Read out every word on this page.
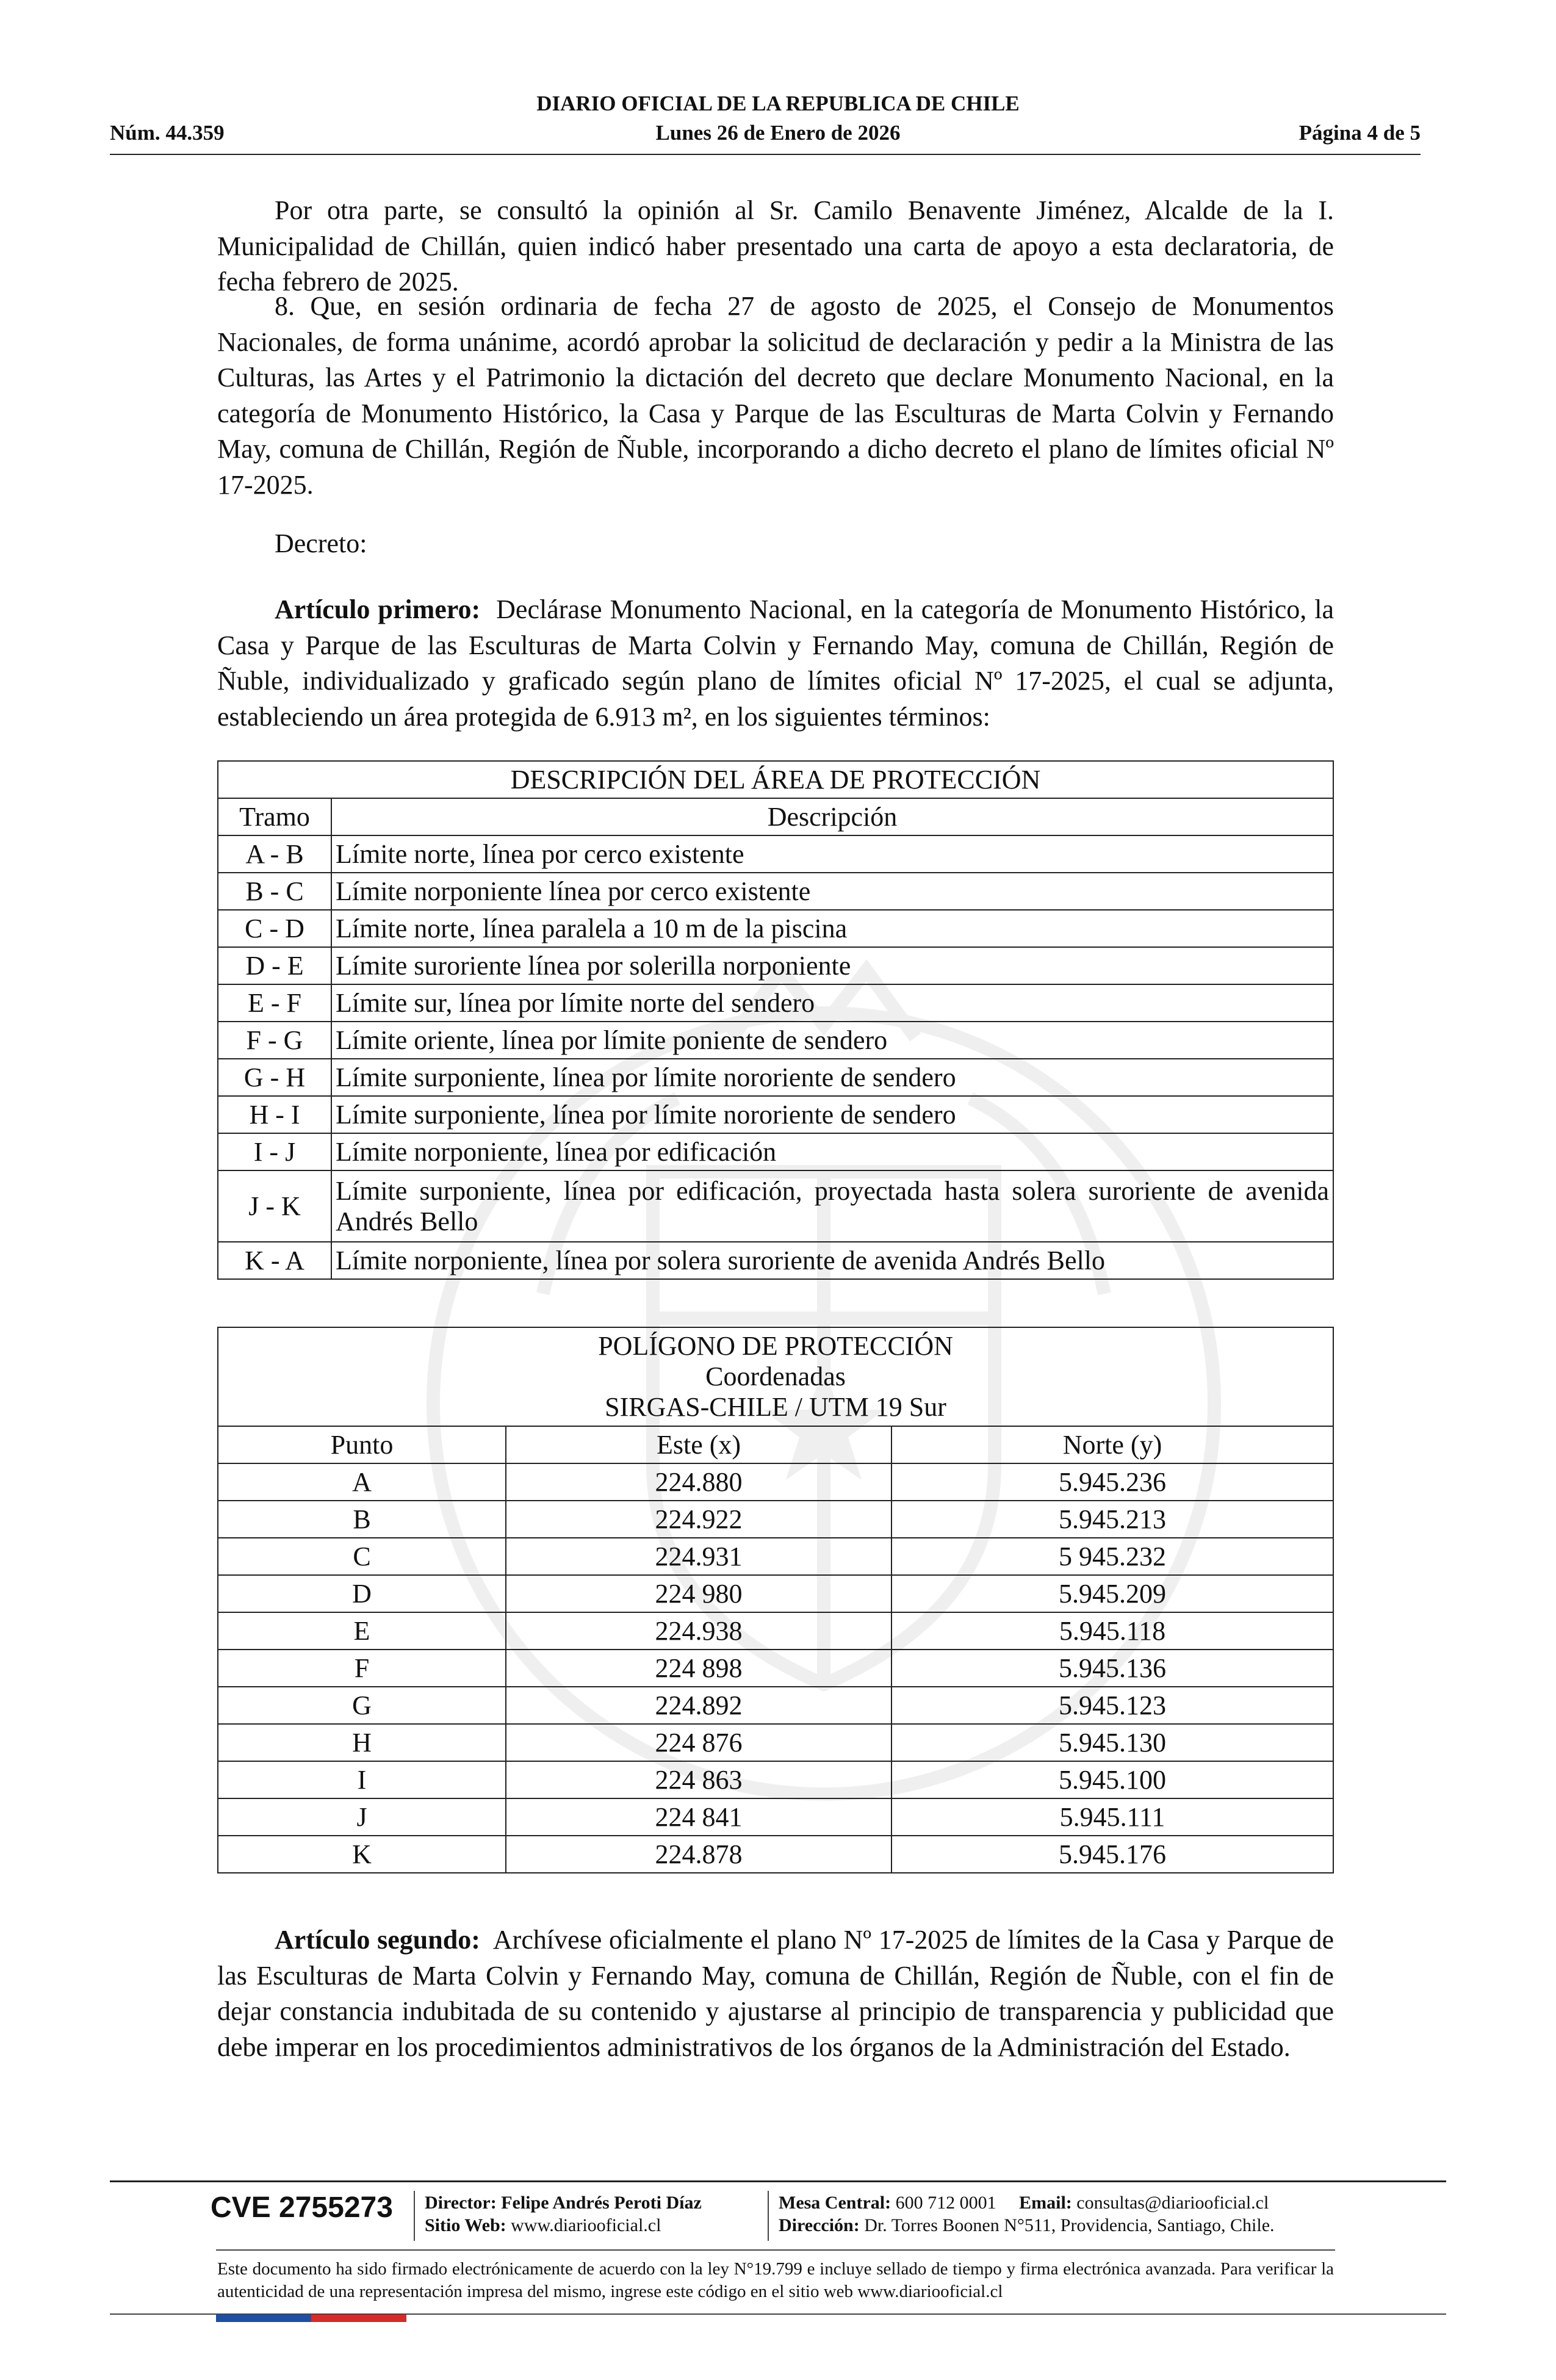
DIARIO OFICIAL DE LA REPUBLICA DE CHILE
Núm. 44.359	Lunes 26 de Enero de 2026	Página 4 de 5

Por otra parte, se consultó la opinión al Sr. Camilo Benavente Jiménez, Alcalde de la I. Municipalidad de Chillán, quien indicó haber presentado una carta de apoyo a esta declaratoria, de fecha febrero de 2025.

8. Que, en sesión ordinaria de fecha 27 de agosto de 2025, el Consejo de Monumentos Nacionales, de forma unánime, acordó aprobar la solicitud de declaración y pedir a la Ministra de las Culturas, las Artes y el Patrimonio la dictación del decreto que declare Monumento Nacional, en la categoría de Monumento Histórico, la Casa y Parque de las Esculturas de Marta Colvin y Fernando May, comuna de Chillán, Región de Ñuble, incorporando a dicho decreto el plano de límites oficial Nº 17-2025.

Decreto:

Artículo primero: Declárase Monumento Nacional, en la categoría de Monumento Histórico, la Casa y Parque de las Esculturas de Marta Colvin y Fernando May, comuna de Chillán, Región de Ñuble, individualizado y graficado según plano de límites oficial Nº 17-2025, el cual se adjunta, estableciendo un área protegida de 6.913 m², en los siguientes términos:

DESCRIPCIÓN DEL ÁREA DE PROTECCIÓN	
Tramo	Descripción
A - B	Límite norte, línea por cerco existente
B - C	Límite norponiente línea por cerco existente
C - D	Límite norte, línea paralela a 10 m de la piscina
D - E	Límite suroriente línea por solerilla norponiente
E - F	Límite sur, línea por límite norte del sendero
F - G	Límite oriente, línea por límite poniente de sendero
G - H	Límite surponiente, línea por límite nororiente de sendero
H - I	Límite surponiente, línea por límite nororiente de sendero
I - J	Límite norponiente, línea por edificación
J - K	Límite surponiente, línea por edificación, proyectada hasta solera suroriente de avenida Andrés Bello
K - A	Límite norponiente, línea por solera suroriente de avenida Andrés Bello
POLÍGONO DE PROTECCIÓN
Coordenadas
SIRGAS-CHILE / UTM 19 Sur		
Punto	Este (x)	Norte (y)
A	224.880	5.945.236
B	224.922	5.945.213
C	224.931	5 945.232
D	224 980	5.945.209
E	224.938	5.945.118
F	224 898	5.945.136
G	224.892	5.945.123
H	224 876	5.945.130
I	224 863	5.945.100
J	224 841	5.945.111
K	224.878	5.945.176

Artículo segundo: Archívese oficialmente el plano Nº 17-2025 de límites de la Casa y Parque de las Esculturas de Marta Colvin y Fernando May, comuna de Chillán, Región de Ñuble, con el fin de dejar constancia indubitada de su contenido y ajustarse al principio de transparencia y publicidad que debe imperar en los procedimientos administrativos de los órganos de la Administración del Estado.

CVE 2755273 Director: Felipe Andrés Peroti Díaz
Sitio Web: www.diariooficial.cl
Mesa Central: 600 712 0001 Email: consultas@diariooficial.cl
Dirección: Dr. Torres Boonen N°511, Providencia, Santiago, Chile.

Este documento ha sido firmado electrónicamente de acuerdo con la ley N°19.799 e incluye sellado de tiempo y firma electrónica avanzada. Para verificar la autenticidad de una representación impresa del mismo, ingrese este código en el sitio web www.diariooficial.cl
